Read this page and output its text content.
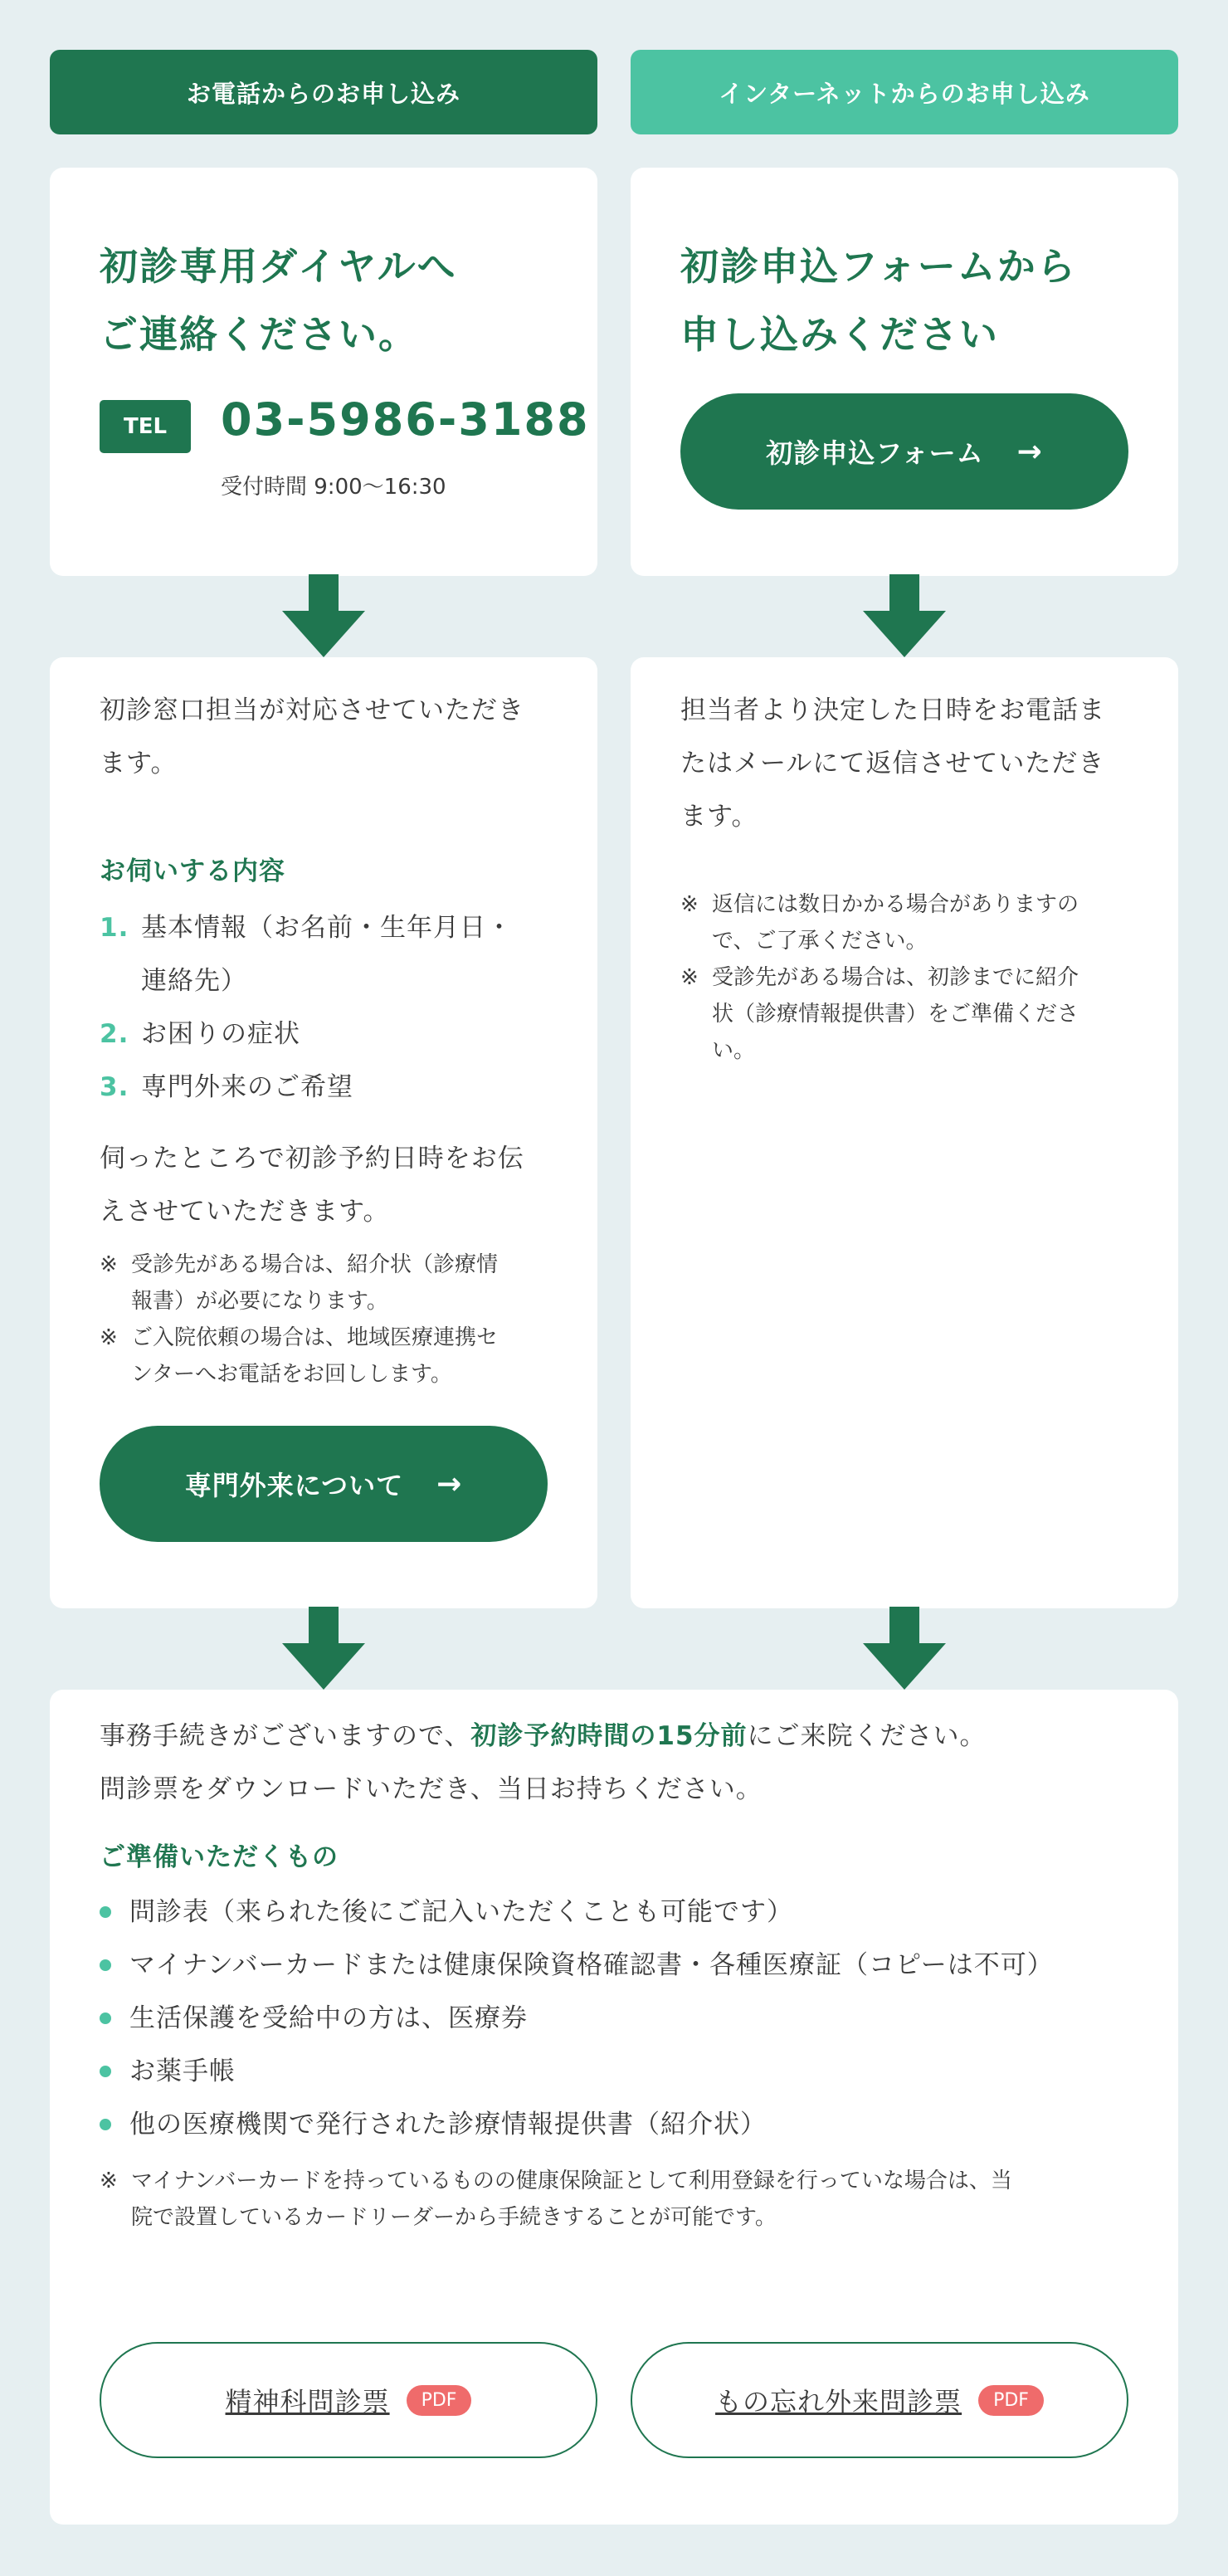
お電話からのお申し込み	インターネットからのお申し込み
初診専用ダイヤルへ
ご連絡ください。
TEL	03-5986-3188
受付時間 9:00〜16:30
初診申込フォームから
申し込みください
初診申込フォーム →
初診窓口担当が対応させていただき
ます。
お伺いする内容
1. 基本情報（お名前・生年月日・
連絡先）
2. お困りの症状
3. 専門外来のご希望
伺ったところで初診予約日時をお伝
えさせていただきます。
※ 受診先がある場合は、紹介状（診療情
報書）が必要になります。
※ ご入院依頼の場合は、地域医療連携セ
ンターへお電話をお回しします。
専門外来について →
担当者より決定した日時をお電話ま
たはメールにて返信させていただき
ます。
※ 返信には数日かかる場合がありますの
で、ご了承ください。
※ 受診先がある場合は、初診までに紹介
状（診療情報提供書）をご準備くださ
い。
事務手続きがございますので、初診予約時間の15分前にご来院ください。
問診票をダウンロードいただき、当日お持ちください。
ご準備いただくもの
問診表（来られた後にご記入いただくことも可能です）
マイナンバーカードまたは健康保険資格確認書・各種医療証（コピーは不可）
生活保護を受給中の方は、医療券
お薬手帳
他の医療機関で発行された診療情報提供書（紹介状）
※ マイナンバーカードを持っているものの健康保険証として利用登録を行っていな場合は、当
院で設置しているカードリーダーから手続きすることが可能です。
精神科問診票	PDF	もの忘れ外来問診票	PDF
